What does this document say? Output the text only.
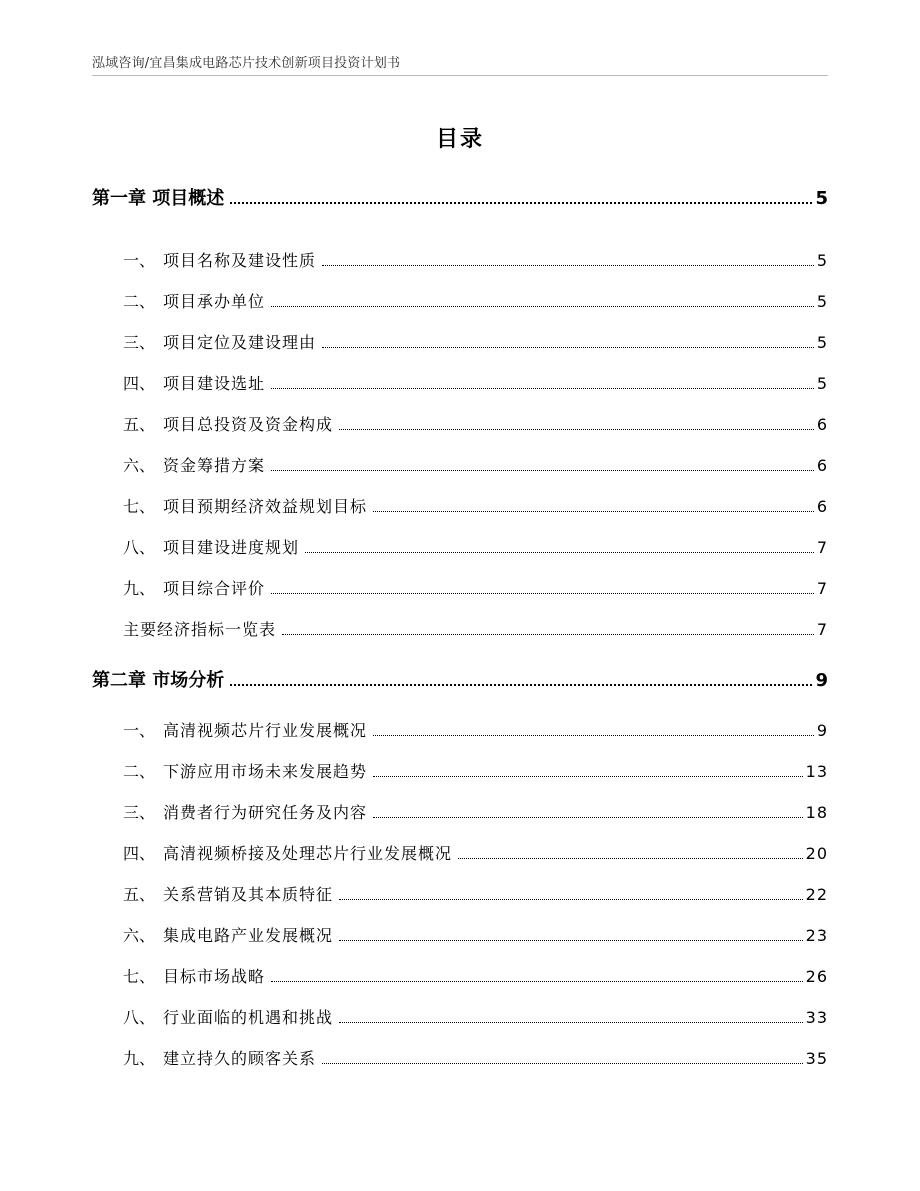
泓域咨询/宜昌集成电路芯片技术创新项目投资计划书
目录
第一章 项目概述	5
一、 项目名称及建设性质	5
二、 项目承办单位	5
三、 项目定位及建设理由	5
四、 项目建设选址	5
五、 项目总投资及资金构成	6
六、 资金筹措方案	6
七、 项目预期经济效益规划目标	6
八、 项目建设进度规划	7
九、 项目综合评价	7
主要经济指标一览表	7
第二章 市场分析	9
一、 高清视频芯片行业发展概况	9
二、 下游应用市场未来发展趋势	13
三、 消费者行为研究任务及内容	18
四、 高清视频桥接及处理芯片行业发展概况	20
五、 关系营销及其本质特征	22
六、 集成电路产业发展概况	23
七、 目标市场战略	26
八、 行业面临的机遇和挑战	33
九、 建立持久的顾客关系	35
